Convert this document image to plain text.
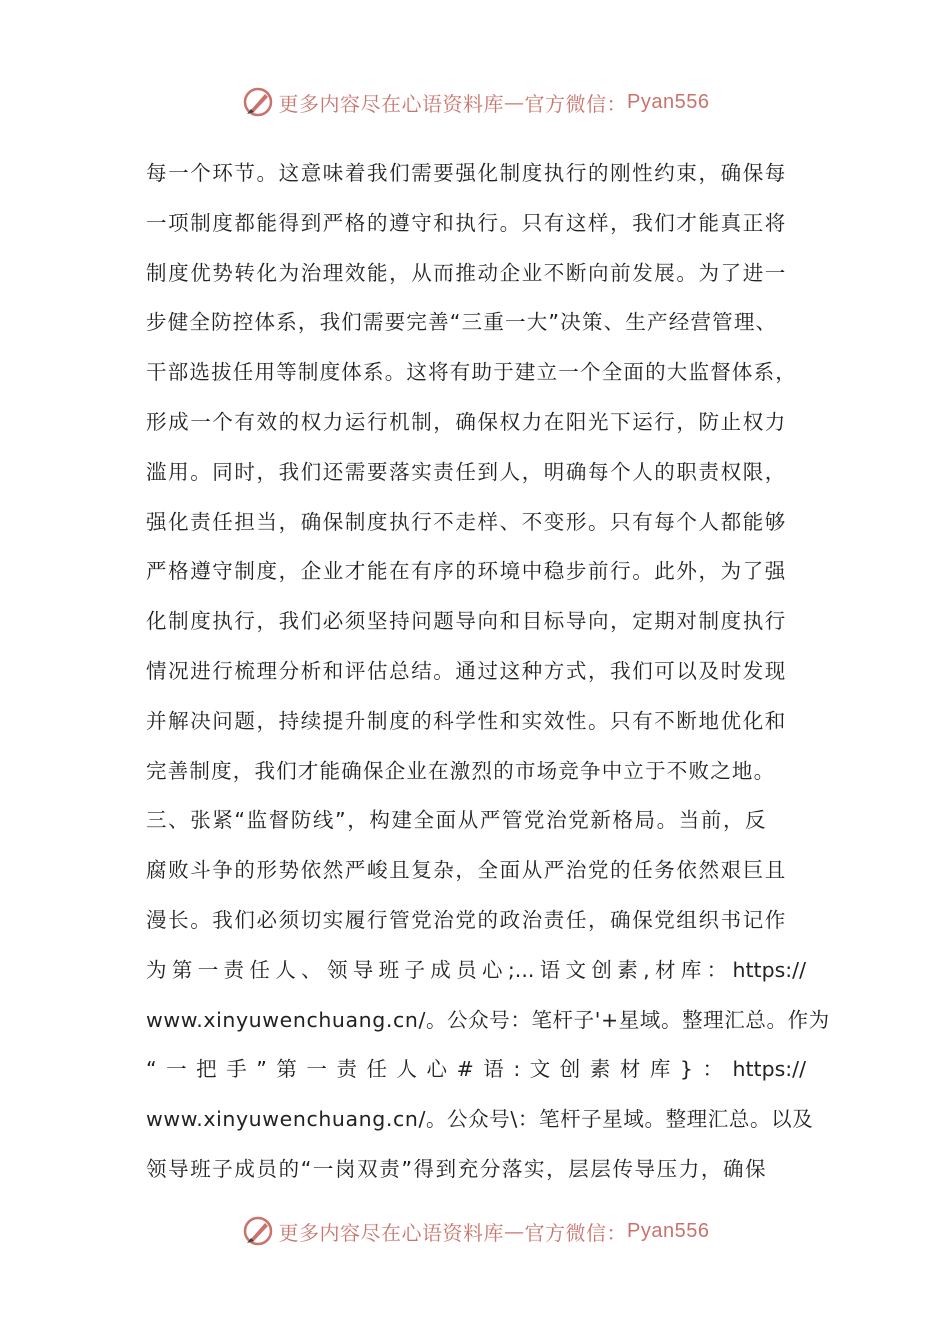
更多内容尽在心语资料库 — 官方微信： Pyan556
每一个环节。这意味着我们需要强化制度执行的刚性约束，确保每
一项制度都能得到严格的遵守和执行。只有这样，我们才能真正将
制度优势转化为治理效能，从而推动企业不断向前发展。为了进一
步健全防控体系，我们需要完善“三重一大”决策、生产经营管理、
干部选拔任用等制度体系。这将有助于建立一个全面的大监督体系，
形成一个有效的权力运行机制，确保权力在阳光下运行，防止权力
滥用。同时，我们还需要落实责任到人，明确每个人的职责权限，
强化责任担当，确保制度执行不走样、不变形。只有每个人都能够
严格遵守制度，企业才能在有序的环境中稳步前行。此外，为了强
化制度执行，我们必须坚持问题导向和目标导向，定期对制度执行
情况进行梳理分析和评估总结。通过这种方式，我们可以及时发现
并解决问题，持续提升制度的科学性和实效性。只有不断地优化和
完善制度，我们才能确保企业在激烈的市场竞争中立于不败之地。
三、张紧“监督防线”，构建全面从严管党治党新格局。当前，反
腐败斗争的形势依然严峻且复杂，全面从严治党的任务依然艰巨且
漫长。我们必须切实履行管党治党的政治责任，确保党组织书记作
为第一责任人、领导班子成员心;...语文创素,材库：https://
www.xinyuwenchuang.cn/。公众号：笔杆子'+星域。整理汇总。作为
“一把手”第一责任人心#语:文创素材库}：https://
www.xinyuwenchuang.cn/。公众号\：笔杆子星域。整理汇总。以及
领导班子成员的“一岗双责”得到充分落实，层层传导压力，确保
更多内容尽在心语资料库 — 官方微信： Pyan556
